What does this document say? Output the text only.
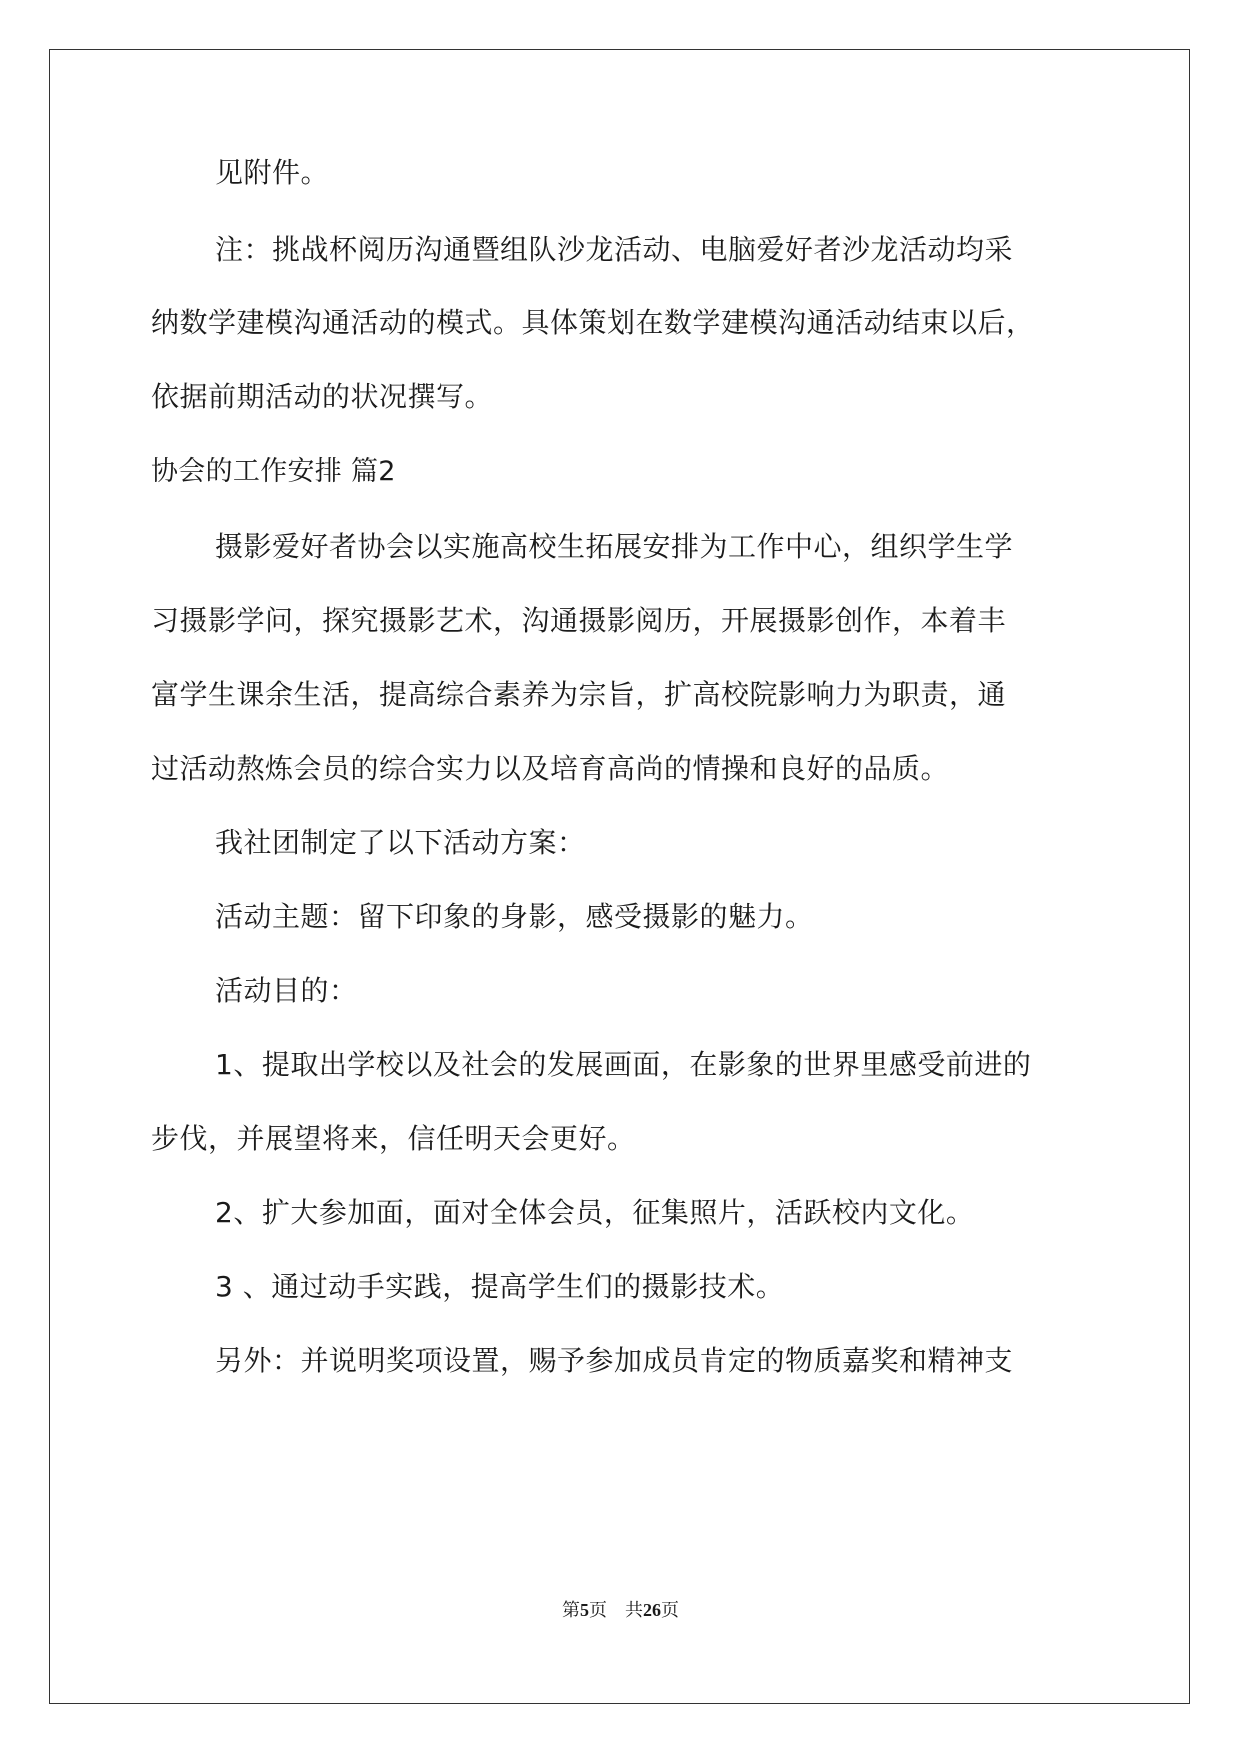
见附件。
注：挑战杯阅历沟通暨组队沙龙活动、电脑爱好者沙龙活动均采
纳数学建模沟通活动的模式。具体策划在数学建模沟通活动结束以后，
依据前期活动的状况撰写。
协会的工作安排 篇2
摄影爱好者协会以实施高校生拓展安排为工作中心，组织学生学
习摄影学问，探究摄影艺术，沟通摄影阅历，开展摄影创作，本着丰
富学生课余生活，提高综合素养为宗旨，扩高校院影响力为职责，通
过活动熬炼会员的综合实力以及培育高尚的情操和良好的品质。
我社团制定了以下活动方案：
活动主题：留下印象的身影，感受摄影的魅力。
活动目的：
1、提取出学校以及社会的发展画面，在影象的世界里感受前进的
步伐，并展望将来，信任明天会更好。
2、扩大参加面，面对全体会员，征集照片，活跃校内文化。
3 、通过动手实践，提高学生们的摄影技术。
另外：并说明奖项设置，赐予参加成员肯定的物质嘉奖和精神支
第5页 共26页
